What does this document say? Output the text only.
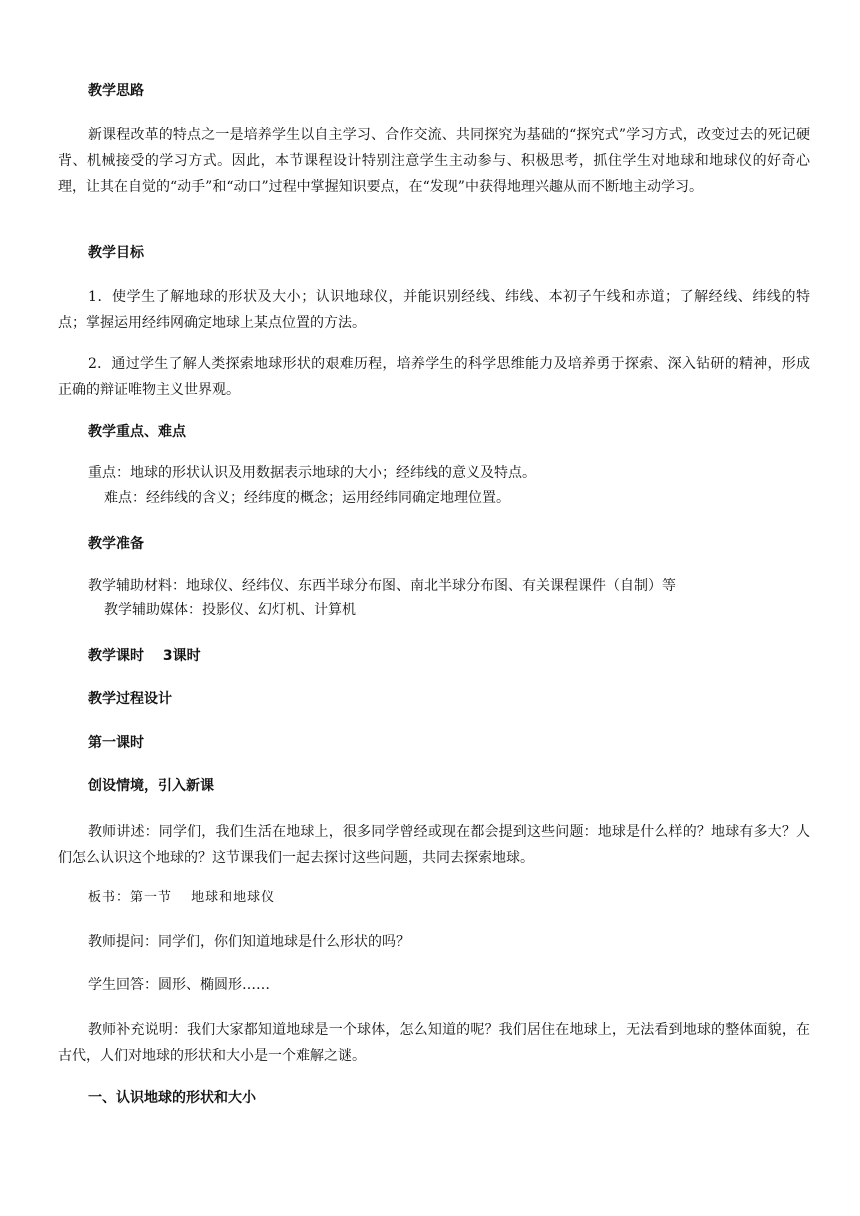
教学思路

新课程改革的特点之一是培养学生以自主学习、合作交流、共同探究为基础的“探究式”学习方式，改变过去的死记硬背、机械接受的学习方式。因此，本节课程设计特别注意学生主动参与、积极思考，抓住学生对地球和地球仪的好奇心理，让其在自觉的“动手”和“动口”过程中掌握知识要点，在“发现”中获得地理兴趣从而不断地主动学习。

教学目标

1．使学生了解地球的形状及大小；认识地球仪，并能识别经线、纬线、本初子午线和赤道；了解经线、纬线的特点；掌握运用经纬网确定地球上某点位置的方法。

2．通过学生了解人类探索地球形状的艰难历程，培养学生的科学思维能力及培养勇于探索、深入钻研的精神，形成正确的辩证唯物主义世界观。

教学重点、难点

重点：地球的形状认识及用数据表示地球的大小；经纬线的意义及特点。

难点：经纬线的含义；经纬度的概念；运用经纬同确定地理位置。

教学准备

教学辅助材料：地球仪、经纬仪、东西半球分布图、南北半球分布图、有关课程课件（自制）等

教学辅助媒体：投影仪、幻灯机、计算机

教学课时　 3课时

教学过程设计

第一课时

创设情境，引入新课

教师讲述：同学们，我们生活在地球上，很多同学曾经或现在都会提到这些问题：地球是什么样的？地球有多大？人们怎么认识这个地球的？这节课我们一起去探讨这些问题，共同去探索地球。

板书：第一节　 地球和地球仪

教师提问：同学们，你们知道地球是什么形状的吗？

学生回答：圆形、椭圆形……

教师补充说明：我们大家都知道地球是一个球体，怎么知道的呢？我们居住在地球上，无法看到地球的整体面貌，在古代，人们对地球的形状和大小是一个难解之谜。

一、认识地球的形状和大小
